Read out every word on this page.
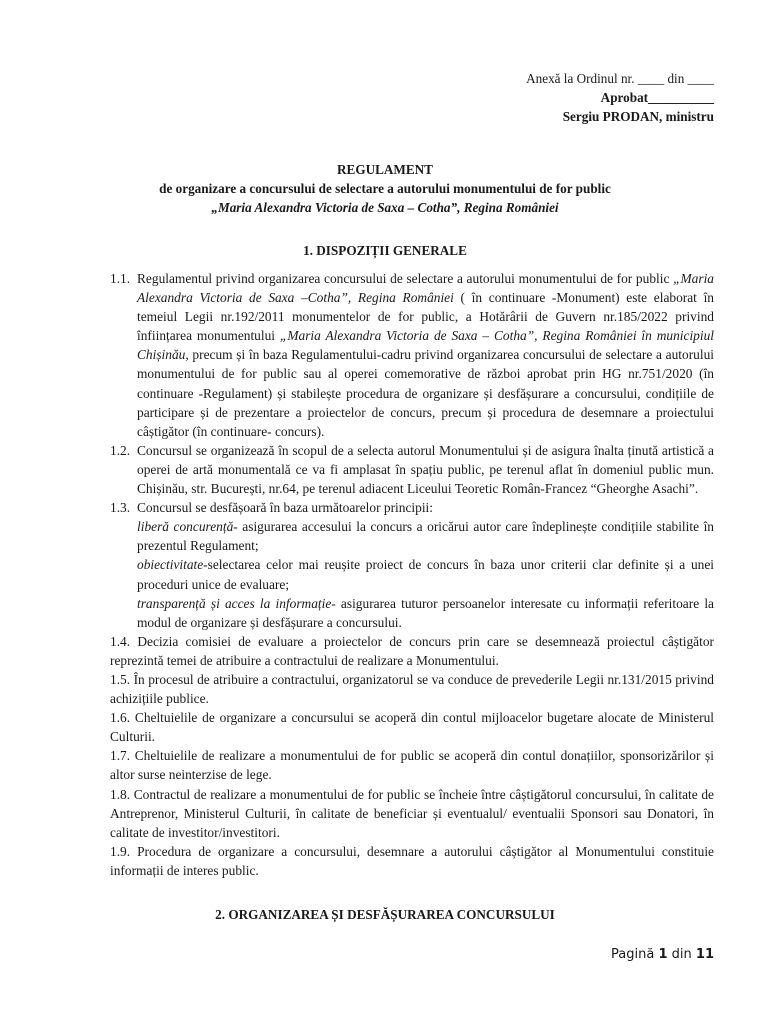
Anexă la Ordinul nr. ____ din ____
Aprobat__________
Sergiu PRODAN, ministru
REGULAMENT
de organizare a concursului de selectare a autorului monumentului de for public
„Maria Alexandra Victoria de Saxa – Cotha”, Regina României
1. DISPOZIȚII GENERALE
1.1. Regulamentul privind organizarea concursului de selectare a autorului monumentului de for public „Maria Alexandra Victoria de Saxa –Cotha”, Regina României ( în continuare -Monument) este elaborat în temeiul Legii nr.192/2011 monumentelor de for public, a Hotărârii de Guvern nr.185/2022 privind înființarea monumentului „Maria Alexandra Victoria de Saxa – Cotha”, Regina României în municipiul Chișinău, precum și în baza Regulamentului-cadru privind organizarea concursului de selectare a autorului monumentului de for public sau al operei comemorative de război aprobat prin HG nr.751/2020 (în continuare -Regulament) și stabilește procedura de organizare și desfășurare a concursului, condițiile de participare și de prezentare a proiectelor de concurs, precum și procedura de desemnare a proiectului câștigător (în continuare- concurs).
1.2. Concursul se organizează în scopul de a selecta autorul Monumentului și de asigura înalta ținută artistică a operei de artă monumentală ce va fi amplasat în spațiu public, pe terenul aflat în domeniul public mun. Chișinău, str. București, nr.64, pe terenul adiacent Liceului Teoretic Român-Francez “Gheorghe Asachi”.
1.3. Concursul se desfășoară în baza următoarelor principii:
liberă concurență- asigurarea accesului la concurs a oricărui autor care îndeplinește condițiile stabilite în prezentul Regulament;
obiectivitate-selectarea celor mai reușite proiect de concurs în baza unor criterii clar definite și a unei proceduri unice de evaluare;
transparență și acces la informație- asigurarea tuturor persoanelor interesate cu informații referitoare la modul de organizare și desfășurare a concursului.
1.4. Decizia comisiei de evaluare a proiectelor de concurs prin care se desemnează proiectul câștigător reprezintă temei de atribuire a contractului de realizare a Monumentului.
1.5. În procesul de atribuire a contractului, organizatorul se va conduce de prevederile Legii nr.131/2015 privind achizițiile publice.
1.6. Cheltuielile de organizare a concursului se acoperă din contul mijloacelor bugetare alocate de Ministerul Culturii.
1.7. Cheltuielile de realizare a monumentului de for public se acoperă din contul donațiilor, sponsorizărilor și altor surse neinterzise de lege.
1.8. Contractul de realizare a monumentului de for public se încheie între câștigătorul concursului, în calitate de Antreprenor, Ministerul Culturii, în calitate de beneficiar și eventualul/ eventualii Sponsori sau Donatori, în calitate de investitor/investitori.
1.9. Procedura de organizare a concursului, desemnare a autorului câștigător al Monumentului constituie informații de interes public.
2. ORGANIZAREA ȘI DESFĂȘURAREA CONCURSULUI
Pagină 1 din 11
